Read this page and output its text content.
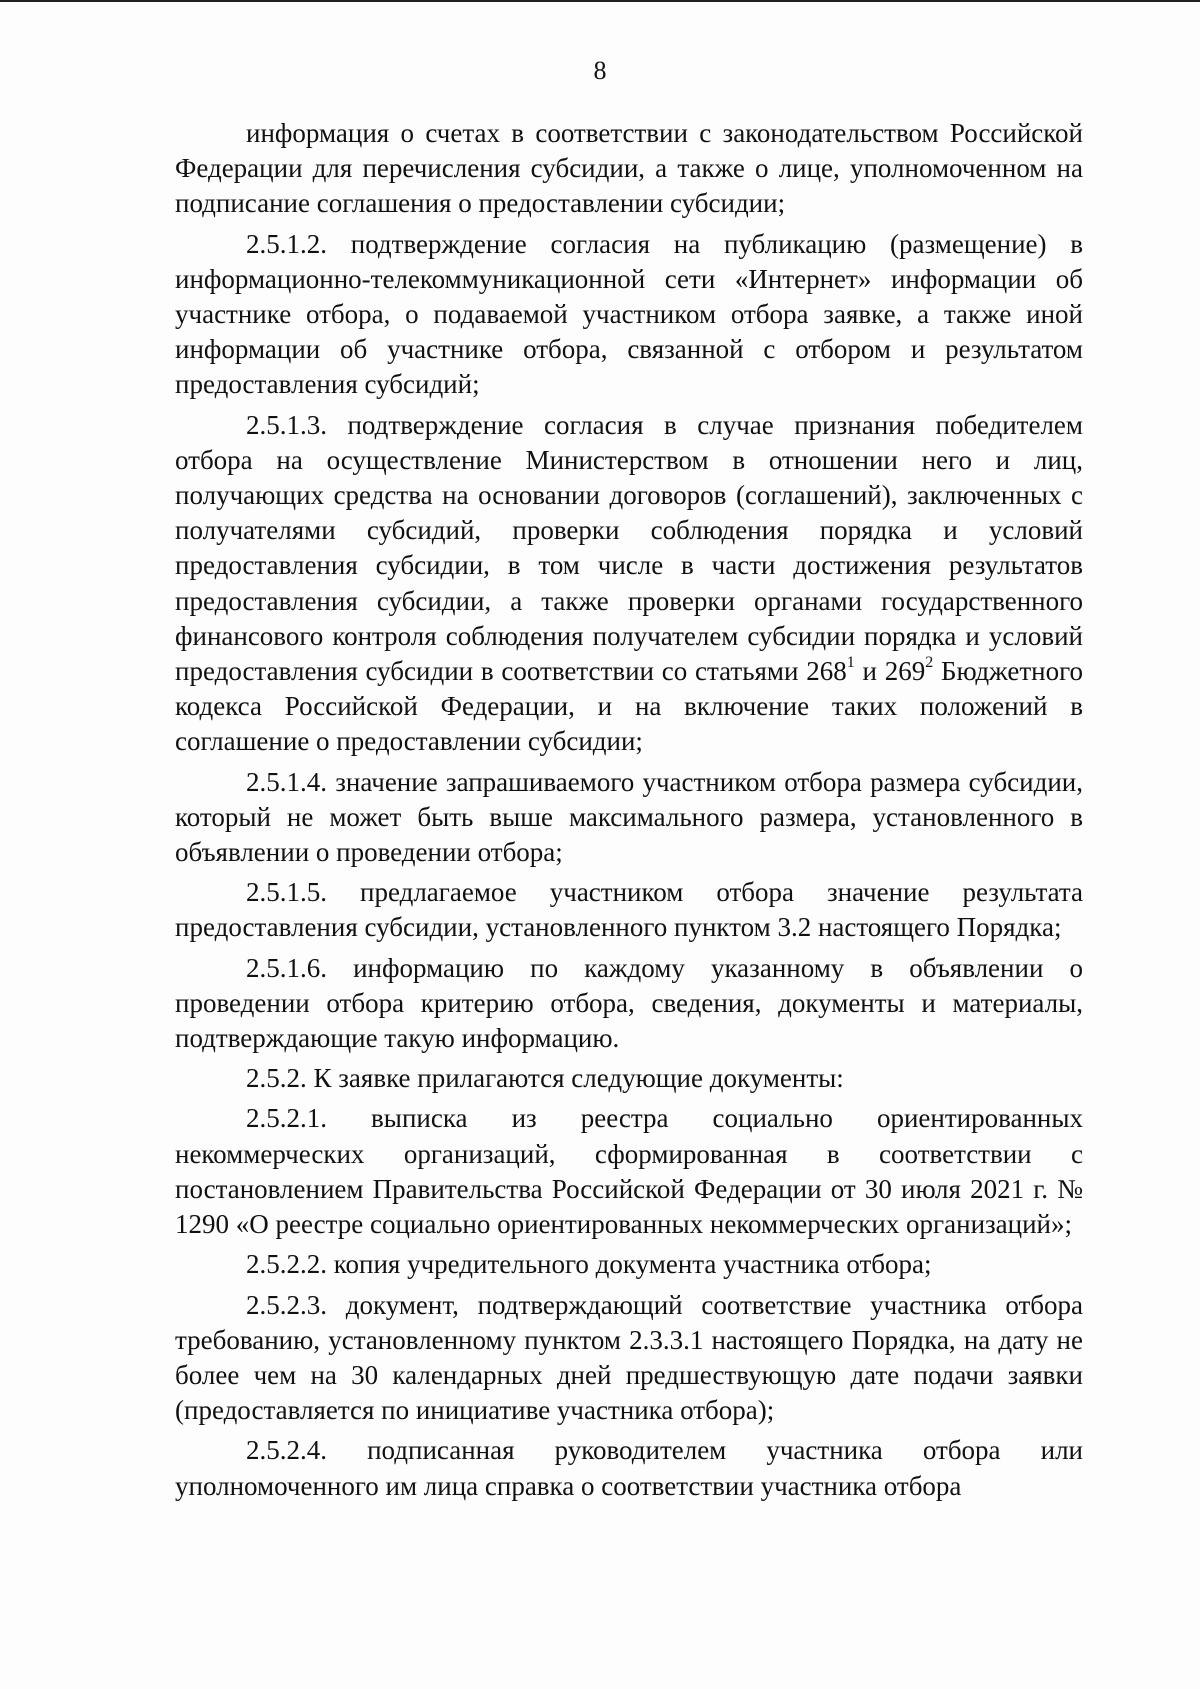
8

информация о счетах в соответствии с законодательством Российской Федерации для перечисления субсидии, а также о лице, уполномоченном на подписание соглашения о предоставлении субсидии;

2.5.1.2. подтверждение согласия на публикацию (размещение) в информационно-телекоммуникационной сети «Интернет» информации об участнике отбора, о подаваемой участником отбора заявке, а также иной информации об участнике отбора, связанной с отбором и результатом предоставления субсидий;

2.5.1.3. подтверждение согласия в случае признания победителем отбора на осуществление Министерством в отношении него и лиц, получающих средства на основании договоров (соглашений), заключенных с получателями субсидий, проверки соблюдения порядка и условий предоставления субсидии, в том числе в части достижения результатов предоставления субсидии, а также проверки органами государственного финансового контроля соблюдения получателем субсидии порядка и условий предоставления субсидии в соответствии со статьями $268^1$ и $269^2$ Бюджетного кодекса Российской Федерации, и на включение таких положений в соглашение о предоставлении субсидии;

2.5.1.4. значение запрашиваемого участником отбора размера субсидии, который не может быть выше максимального размера, установленного в объявлении о проведении отбора;

2.5.1.5. предлагаемое участником отбора значение результата предоставления субсидии, установленного пунктом 3.2 настоящего Порядка;

2.5.1.6. информацию по каждому указанному в объявлении о проведении отбора критерию отбора, сведения, документы и материалы, подтверждающие такую информацию.

2.5.2. К заявке прилагаются следующие документы:

2.5.2.1. выписка из реестра социально ориентированных некоммерческих организаций, сформированная в соответствии с постановлением Правительства Российской Федерации от 30 июля 2021 г. № 1290 «О реестре социально ориентированных некоммерческих организаций»;

2.5.2.2. копия учредительного документа участника отбора;

2.5.2.3. документ, подтверждающий соответствие участника отбора требованию, установленному пунктом 2.3.3.1 настоящего Порядка, на дату не более чем на 30 календарных дней предшествующую дате подачи заявки (предоставляется по инициативе участника отбора);

2.5.2.4. подписанная руководителем участника отбора или уполномоченного им лица справка о соответствии участника отбора
